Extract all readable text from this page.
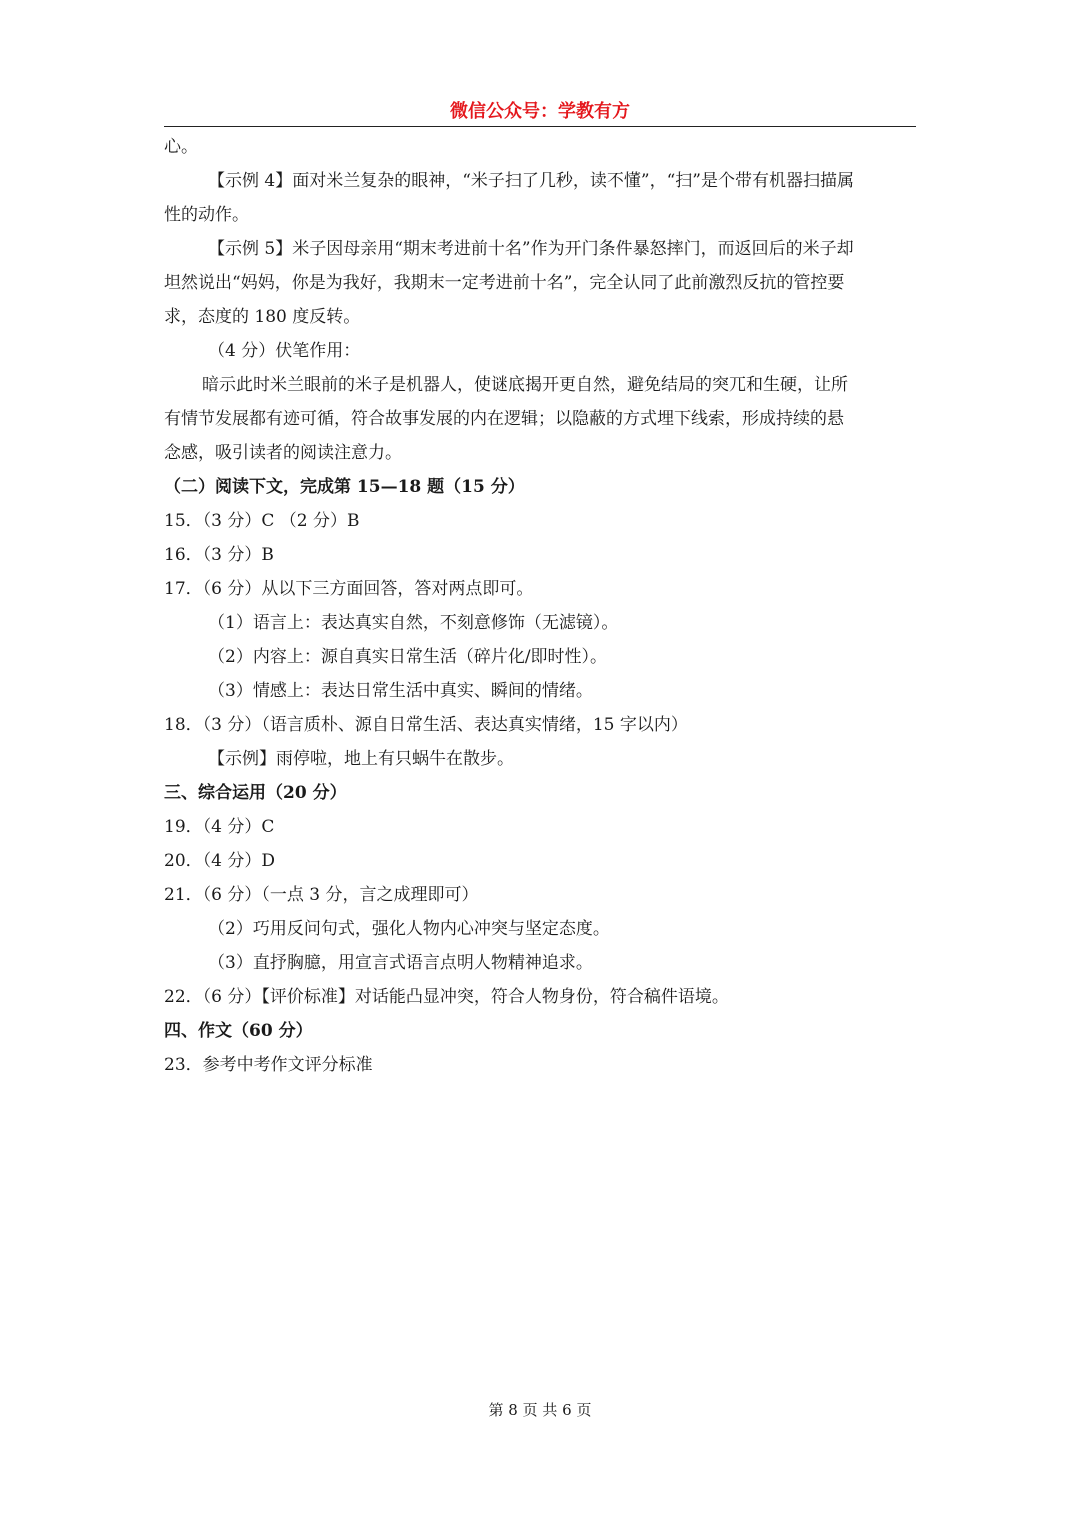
微信公众号：学教有方
心。
【示例 4】面对米兰复杂的眼神，“米子扫了几秒，读不懂”，“扫”是个带有机器扫描属
性的动作。
【示例 5】米子因母亲用“期末考进前十名”作为开门条件暴怒摔门，而返回后的米子却
坦然说出“妈妈，你是为我好，我期末一定考进前十名”，完全认同了此前激烈反抗的管控要
求，态度的 180 度反转。
（4 分）伏笔作用：
暗示此时米兰眼前的米子是机器人，使谜底揭开更自然，避免结局的突兀和生硬，让所
有情节发展都有迹可循，符合故事发展的内在逻辑；以隐蔽的方式埋下线索，形成持续的悬
念感，吸引读者的阅读注意力。
（二）阅读下文，完成第 15—18 题（15 分）
15．（3 分）C （2 分）B
16．（3 分）B
17．（6 分）从以下三方面回答，答对两点即可。
（1）语言上：表达真实自然，不刻意修饰（无滤镜）。
（2）内容上：源自真实日常生活（碎片化/即时性）。
（3）情感上：表达日常生活中真实、瞬间的情绪。
18．（3 分）（语言质朴、源自日常生活、表达真实情绪，15 字以内）
【示例】雨停啦，地上有只蜗牛在散步。
三、综合运用（20 分）
19．（4 分）C
20．（4 分）D
21．（6 分）（一点 3 分，言之成理即可）
（2）巧用反问句式，强化人物内心冲突与坚定态度。
（3）直抒胸臆，用宣言式语言点明人物精神追求。
22．（6 分）【评价标准】对话能凸显冲突，符合人物身份，符合稿件语境。
四、作文（60 分）
23．参考中考作文评分标准
第 8 页 共 6 页
